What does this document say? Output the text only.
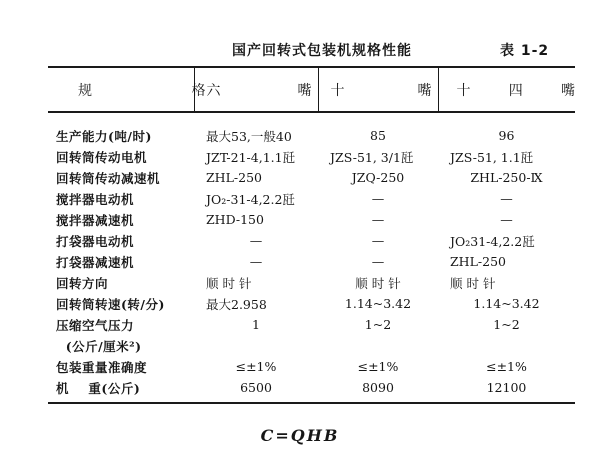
国产回转式包装机规格性能	表 1-2
规 格	六 嘴	十 嘴	十 四 嘴

生产能力(吨/时)	最大53,一般40	85	96
回转筒传动电机	JZT-21-4,1.1瓩	JZS-51, 3/1瓩	JZS-51, 1.1瓩
回转筒传动减速机	ZHL-250	JZQ-250	ZHL-250-Ⅸ
搅拌器电动机	JO₂-31-4,2.2瓩	—	—
搅拌器减速机	ZHD-150	—	—
打袋器电动机	—	—	JO₂31-4,2.2瓩
打袋器减速机	—	—	ZHL-250
回转方向	顺 时 针	顺 时 针	顺 时 针
回转筒转速(转/分)	最大2.958	1.14~3.42	1.14~3.42
压缩空气压力	1	1~2	1~2
(公斤/厘米²)			
包装重量准确度	≤±1%	≤±1%	≤±1%
机    重(公斤)	6500	8090	12100
C=QHB
